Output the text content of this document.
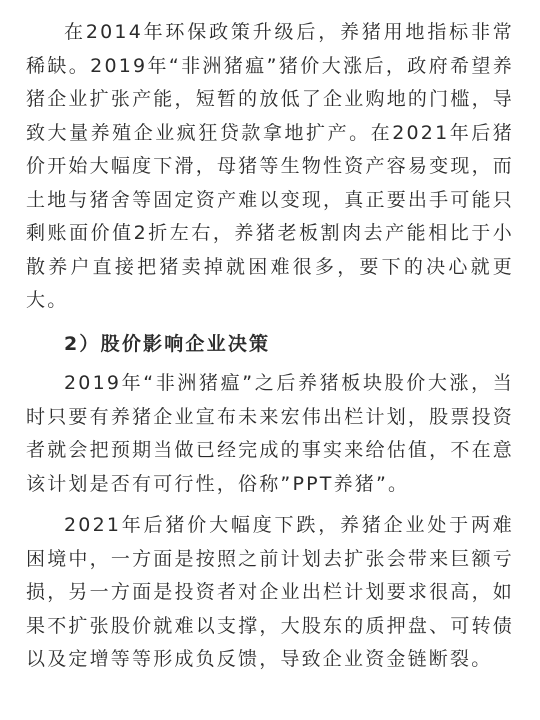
在2014年环保政策升级后，养猪用地指标非常稀缺。2019年“非洲猪瘟”猪价大涨后，政府希望养猪企业扩张产能，短暂的放低了企业购地的门槛，导致大量养殖企业疯狂贷款拿地扩产。在2021年后猪价开始大幅度下滑，母猪等生物性资产容易变现，而土地与猪舍等固定资产难以变现，真正要出手可能只剩账面价值2折左右，养猪老板割肉去产能相比于小散养户直接把猪卖掉就困难很多，要下的决心就更大。

2）股价影响企业决策

2019年“非洲猪瘟”之后养猪板块股价大涨，当时只要有养猪企业宣布未来宏伟出栏计划，股票投资者就会把预期当做已经完成的事实来给估值，不在意该计划是否有可行性，俗称”PPT养猪”。

2021年后猪价大幅度下跌，养猪企业处于两难困境中，一方面是按照之前计划去扩张会带来巨额亏损，另一方面是投资者对企业出栏计划要求很高，如果不扩张股价就难以支撑，大股东的质押盘、可转债以及定增等等形成负反馈，导致企业资金链断裂。
